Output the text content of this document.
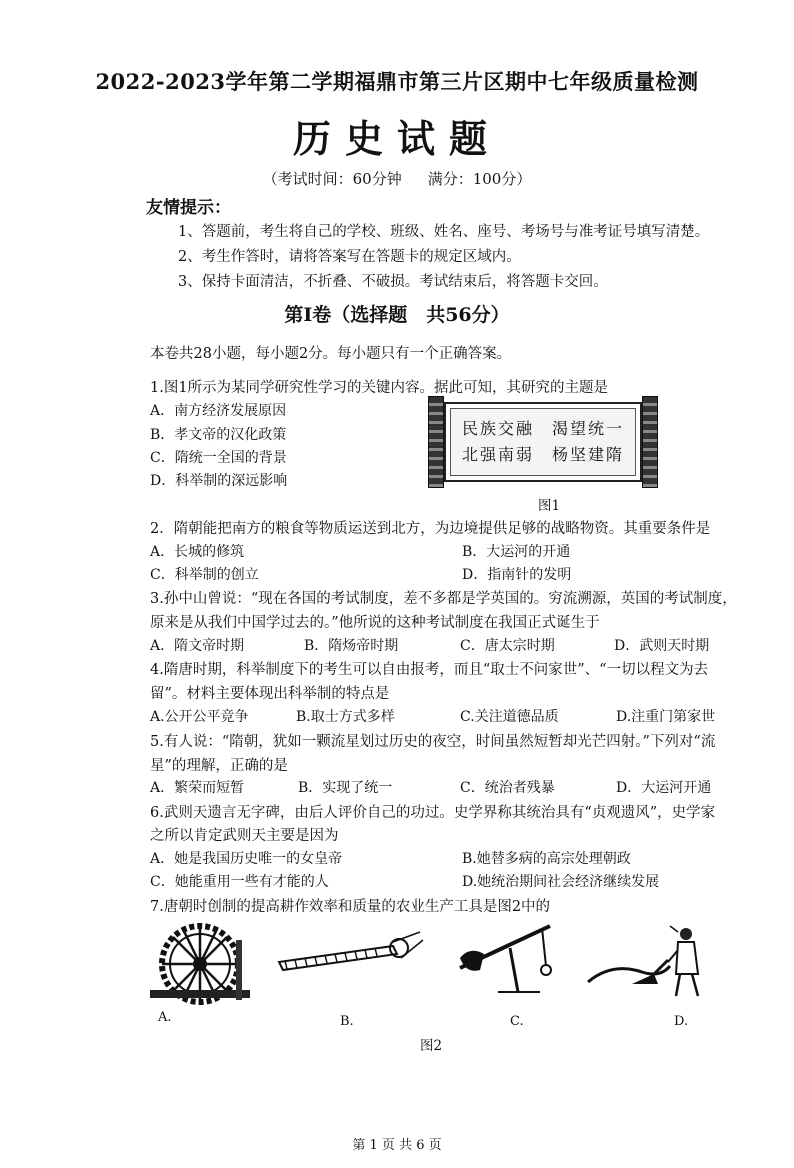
2022-2023学年第二学期福鼎市第三片区期中七年级质量检测
历史试题
（考试时间：60分钟 满分：100分）
友情提示：
1、答题前，考生将自己的学校、班级、姓名、座号、考场号与准考证号填写清楚。
2、考生作答时，请将答案写在答题卡的规定区域内。
3、保持卡面清洁，不折叠、不破损。考试结束后，将答题卡交回。
第Ⅰ卷（选择题　共56分）
本卷共28小题，每小题2分。每小题只有一个正确答案。
1.图1所示为某同学研究性学习的关键内容。据此可知，其研究的主题是
A．南方经济发展原因
B．孝文帝的汉化政策
C．隋统一全国的背景
D．科举制的深远影响
民族交融　渴望统一
北强南弱　杨坚建隋
图1
2．隋朝能把南方的粮食等物质运送到北方，为边境提供足够的战略物资。其重要条件是
A．长城的修筑	B．大运河的开通
C．科举制的创立	D．指南针的发明
3.孙中山曾说：“现在各国的考试制度，差不多都是学英国的。穷流溯源，英国的考试制度，
原来是从我们中国学过去的。”他所说的这种考试制度在我国正式诞生于
A．隋文帝时期	B．隋炀帝时期	C．唐太宗时期	D．武则天时期
4.隋唐时期，科举制度下的考生可以自由报考，而且“取士不问家世”、“一切以程文为去
留”。材料主要体现出科举制的特点是
A.公开公平竞争	B.取士方式多样	C.关注道德品质	D.注重门第家世
5.有人说：“隋朝，犹如一颗流星划过历史的夜空，时间虽然短暂却光芒四射。”下列对“流
星”的理解，正确的是
A．繁荣而短暂	B．实现了统一	C．统治者残暴	D．大运河开通
6.武则天遗言无字碑，由后人评价自己的功过。史学界称其统治具有“贞观遗风”，史学家
之所以肯定武则天主要是因为
A．她是我国历史唯一的女皇帝	B.她替多病的高宗处理朝政
C．她能重用一些有才能的人	D.她统治期间社会经济继续发展
7.唐朝时创制的提高耕作效率和质量的农业生产工具是图2中的
A.	B.	C.	D.
图2
第 1 页 共 6 页
